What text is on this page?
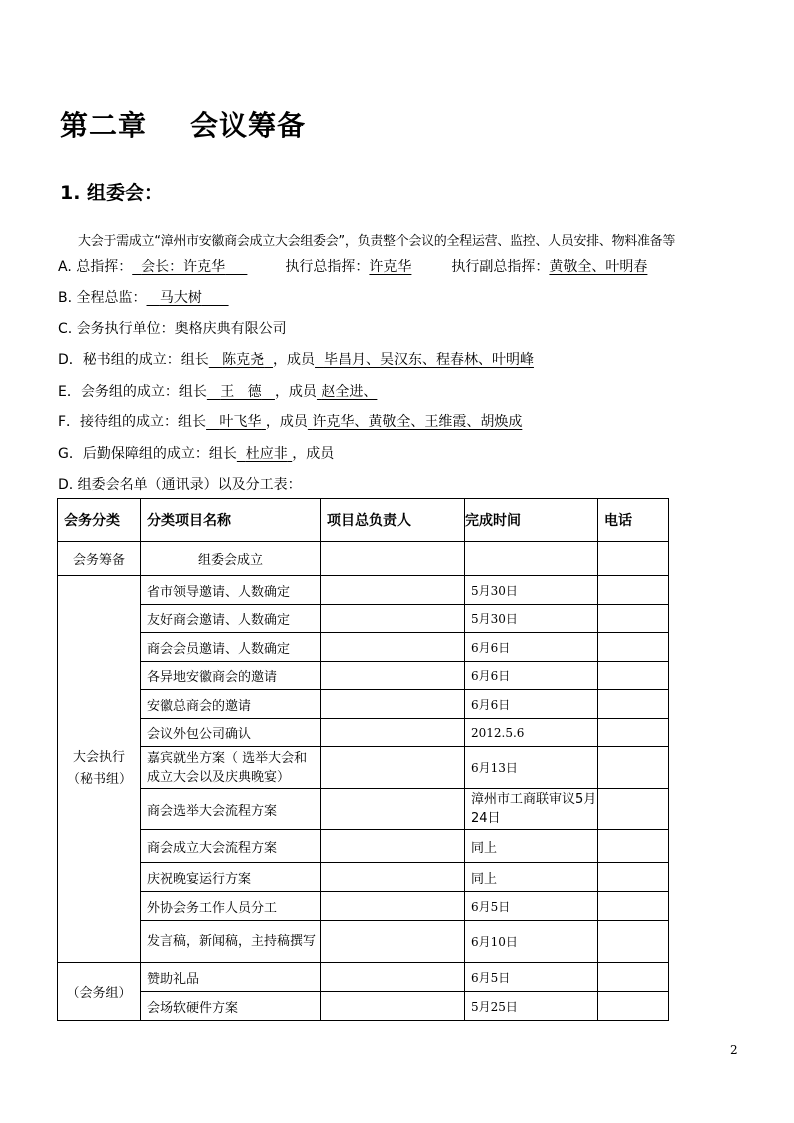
第二章    会议筹备
1. 组委会：
大会于需成立“漳州市安徽商会成立大会组委会”，负责整个会议的全程运营、监控、人员安排、物料准备等
A. 总指挥： 会长：许克华	执行总指挥：许克华	执行副总指挥：黄敬全、叶明春
B. 全程总监： 马大树
C. 会务执行单位：奥格庆典有限公司
D．秘书组的成立：组长 陈克尧 ，成员 毕昌月、吴汉东、程春林、叶明峰
E．会务组的成立：组长 王   德 ，成员 赵全进、
F．接待组的成立：组长 叶飞华 ，成员 许克华、黄敬全、王维霞、胡焕成
G．后勤保障组的成立：组长 杜应非 ，成员
D. 组委会名单（通讯录）以及分工表：
会务分类	分类项目名称	项目总负责人	完成时间	电话
会务筹备	组委会成立			
大会执行（秘书组）	省市领导邀请、人数确定		5月30日	
	友好商会邀请、人数确定		5月30日	
	商会会员邀请、人数确定		6月6日	
	各异地安徽商会的邀请		6月6日	
	安徽总商会的邀请		6月6日	
	会议外包公司确认		2012.5.6	
	嘉宾就坐方案（ 选举大会和成立大会以及庆典晚宴）		6月13日	
	商会选举大会流程方案		漳州市工商联审议5月24日	
	商会成立大会流程方案		同上	
	庆祝晚宴运行方案		同上	
	外协会务工作人员分工		6月5日	
	发言稿，新闻稿，主持稿撰写		6月10日	
（会务组）	赞助礼品		6月5日	
	会场软硬件方案		5月25日	
2
